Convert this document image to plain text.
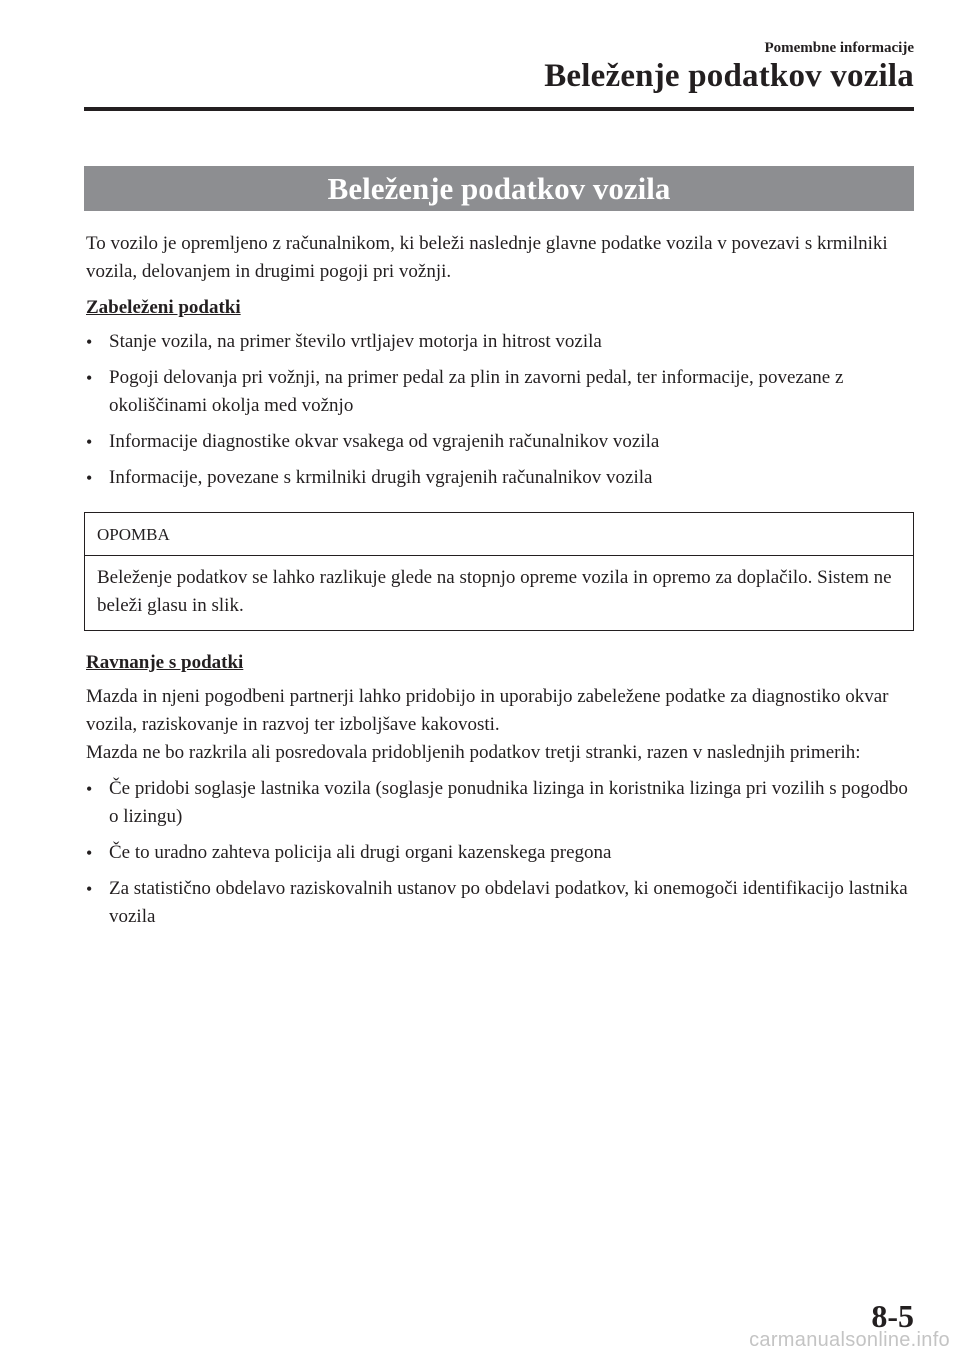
Pomembne informacije
Beleženje podatkov vozila
Beleženje podatkov vozila

To vozilo je opremljeno z računalnikom, ki beleži naslednje glavne podatke vozila v povezavi s krmilniki vozila, delovanjem in drugimi pogoji pri vožnji.

Zabeleženi podatki

• Stanje vozila, na primer število vrtljajev motorja in hitrost vozila
• Pogoji delovanja pri vožnji, na primer pedal za plin in zavorni pedal, ter informacije, povezane z okoliščinami okolja med vožnjo
• Informacije diagnostike okvar vsakega od vgrajenih računalnikov vozila
• Informacije, povezane s krmilniki drugih vgrajenih računalnikov vozila
OPOMBA
Beleženje podatkov se lahko razlikuje glede na stopnjo opreme vozila in opremo za doplačilo. Sistem ne beleži glasu in slik.

Ravnanje s podatki

Mazda in njeni pogodbeni partnerji lahko pridobijo in uporabijo zabeležene podatke za diagnostiko okvar vozila, raziskovanje in razvoj ter izboljšave kakovosti.

Mazda ne bo razkrila ali posredovala pridobljenih podatkov tretji stranki, razen v naslednjih primerih:

• Če pridobi soglasje lastnika vozila (soglasje ponudnika lizinga in koristnika lizinga pri vozilih s pogodbo o lizingu)
• Če to uradno zahteva policija ali drugi organi kazenskega pregona
• Za statistično obdelavo raziskovalnih ustanov po obdelavi podatkov, ki onemogoči identifikacijo lastnika vozila
8-5
carmanualsonline.info
